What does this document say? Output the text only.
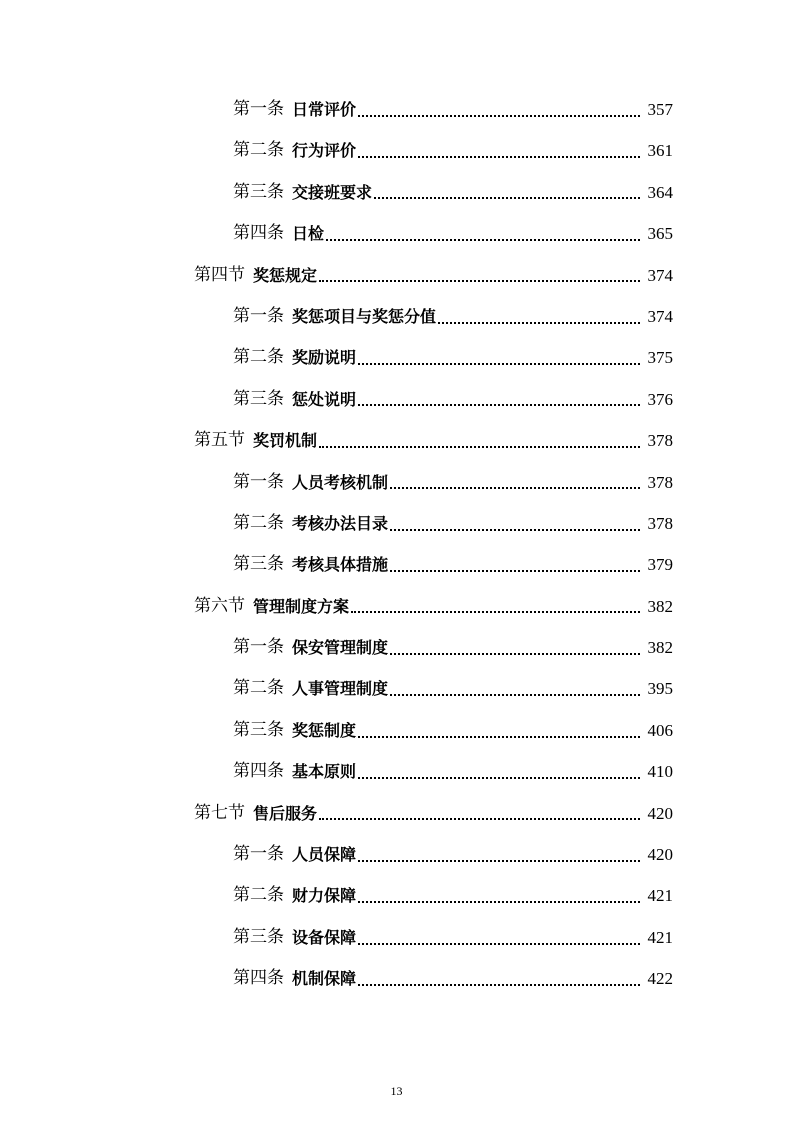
第一条 日常评价	357
第二条 行为评价	361
第三条 交接班要求	364
第四条 日检	365
第四节 奖惩规定	374
第一条 奖惩项目与奖惩分值	374
第二条 奖励说明	375
第三条 惩处说明	376
第五节 奖罚机制	378
第一条 人员考核机制	378
第二条 考核办法目录	378
第三条 考核具体措施	379
第六节 管理制度方案	382
第一条 保安管理制度	382
第二条 人事管理制度	395
第三条 奖惩制度	406
第四条 基本原则	410
第七节 售后服务	420
第一条 人员保障	420
第二条 财力保障	421
第三条 设备保障	421
第四条 机制保障	422
13
